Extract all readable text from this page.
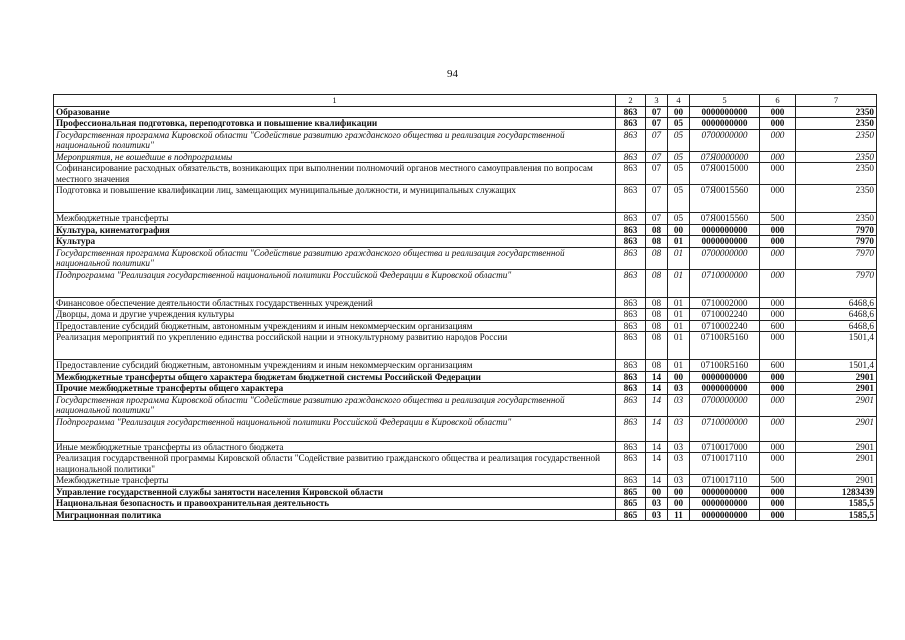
94
1	2	3	4	5	6	7
Образование	863	07	00	0000000000	000	2350
Профессиональная подготовка, переподготовка и повышение квалификации	863	07	05	0000000000	000	2350
Государственная программа Кировской области "Содействие развитию гражданского общества и реализация государственной национальной политики"	863	07	05	0700000000	000	2350
Мероприятия, не вошедшие в подпрограммы	863	07	05	07Я0000000	000	2350
Софинансирование расходных обязательств, возникающих при выполнении полномочий органов местного самоуправления по вопросам местного значения	863	07	05	07Я0015000	000	2350
Подготовка и повышение квалификации лиц, замещающих муниципальные должности, и муниципальных служащих	863	07	05	07Я0015560	000	2350
Межбюджетные трансферты	863	07	05	07Я0015560	500	2350
Культура, кинематография	863	08	00	0000000000	000	7970
Культура	863	08	01	0000000000	000	7970
Государственная программа Кировской области "Содействие развитию гражданского общества и реализация государственной национальной политики"	863	08	01	0700000000	000	7970
Подпрограмма "Реализация государственной национальной политики Российской Федерации в Кировской области"	863	08	01	0710000000	000	7970
Финансовое обеспечение деятельности областных государственных учреждений	863	08	01	0710002000	000	6468,6
Дворцы, дома и другие учреждения культуры	863	08	01	0710002240	000	6468,6
Предоставление субсидий бюджетным, автономным учреждениям и иным некоммерческим организациям	863	08	01	0710002240	600	6468,6
Реализация мероприятий по укреплению единства российской нации и этнокультурному развитию народов России	863	08	01	07100R5160	000	1501,4
Предоставление субсидий бюджетным, автономным учреждениям и иным некоммерческим организациям	863	08	01	07100R5160	600	1501,4
Межбюджетные трансферты общего характера бюджетам бюджетной системы Российской Федерации	863	14	00	0000000000	000	2901
Прочие межбюджетные трансферты общего характера	863	14	03	0000000000	000	2901
Государственная программа Кировской области "Содействие развитию гражданского общества и реализация государственной национальной политики"	863	14	03	0700000000	000	2901
Подпрограмма "Реализация государственной национальной политики Российской Федерации в Кировской области"	863	14	03	0710000000	000	2901
Иные межбюджетные трансферты из областного бюджета	863	14	03	0710017000	000	2901
Реализация государственной программы Кировской области "Содействие развитию гражданского общества и реализация государственной национальной политики"	863	14	03	0710017110	000	2901
Межбюджетные трансферты	863	14	03	0710017110	500	2901
Управление государственной службы занятости населения Кировской области	865	00	00	0000000000	000	1283439
Национальная безопасность и правоохранительная деятельность	865	03	00	0000000000	000	1585,5
Миграционная политика	865	03	11	0000000000	000	1585,5
